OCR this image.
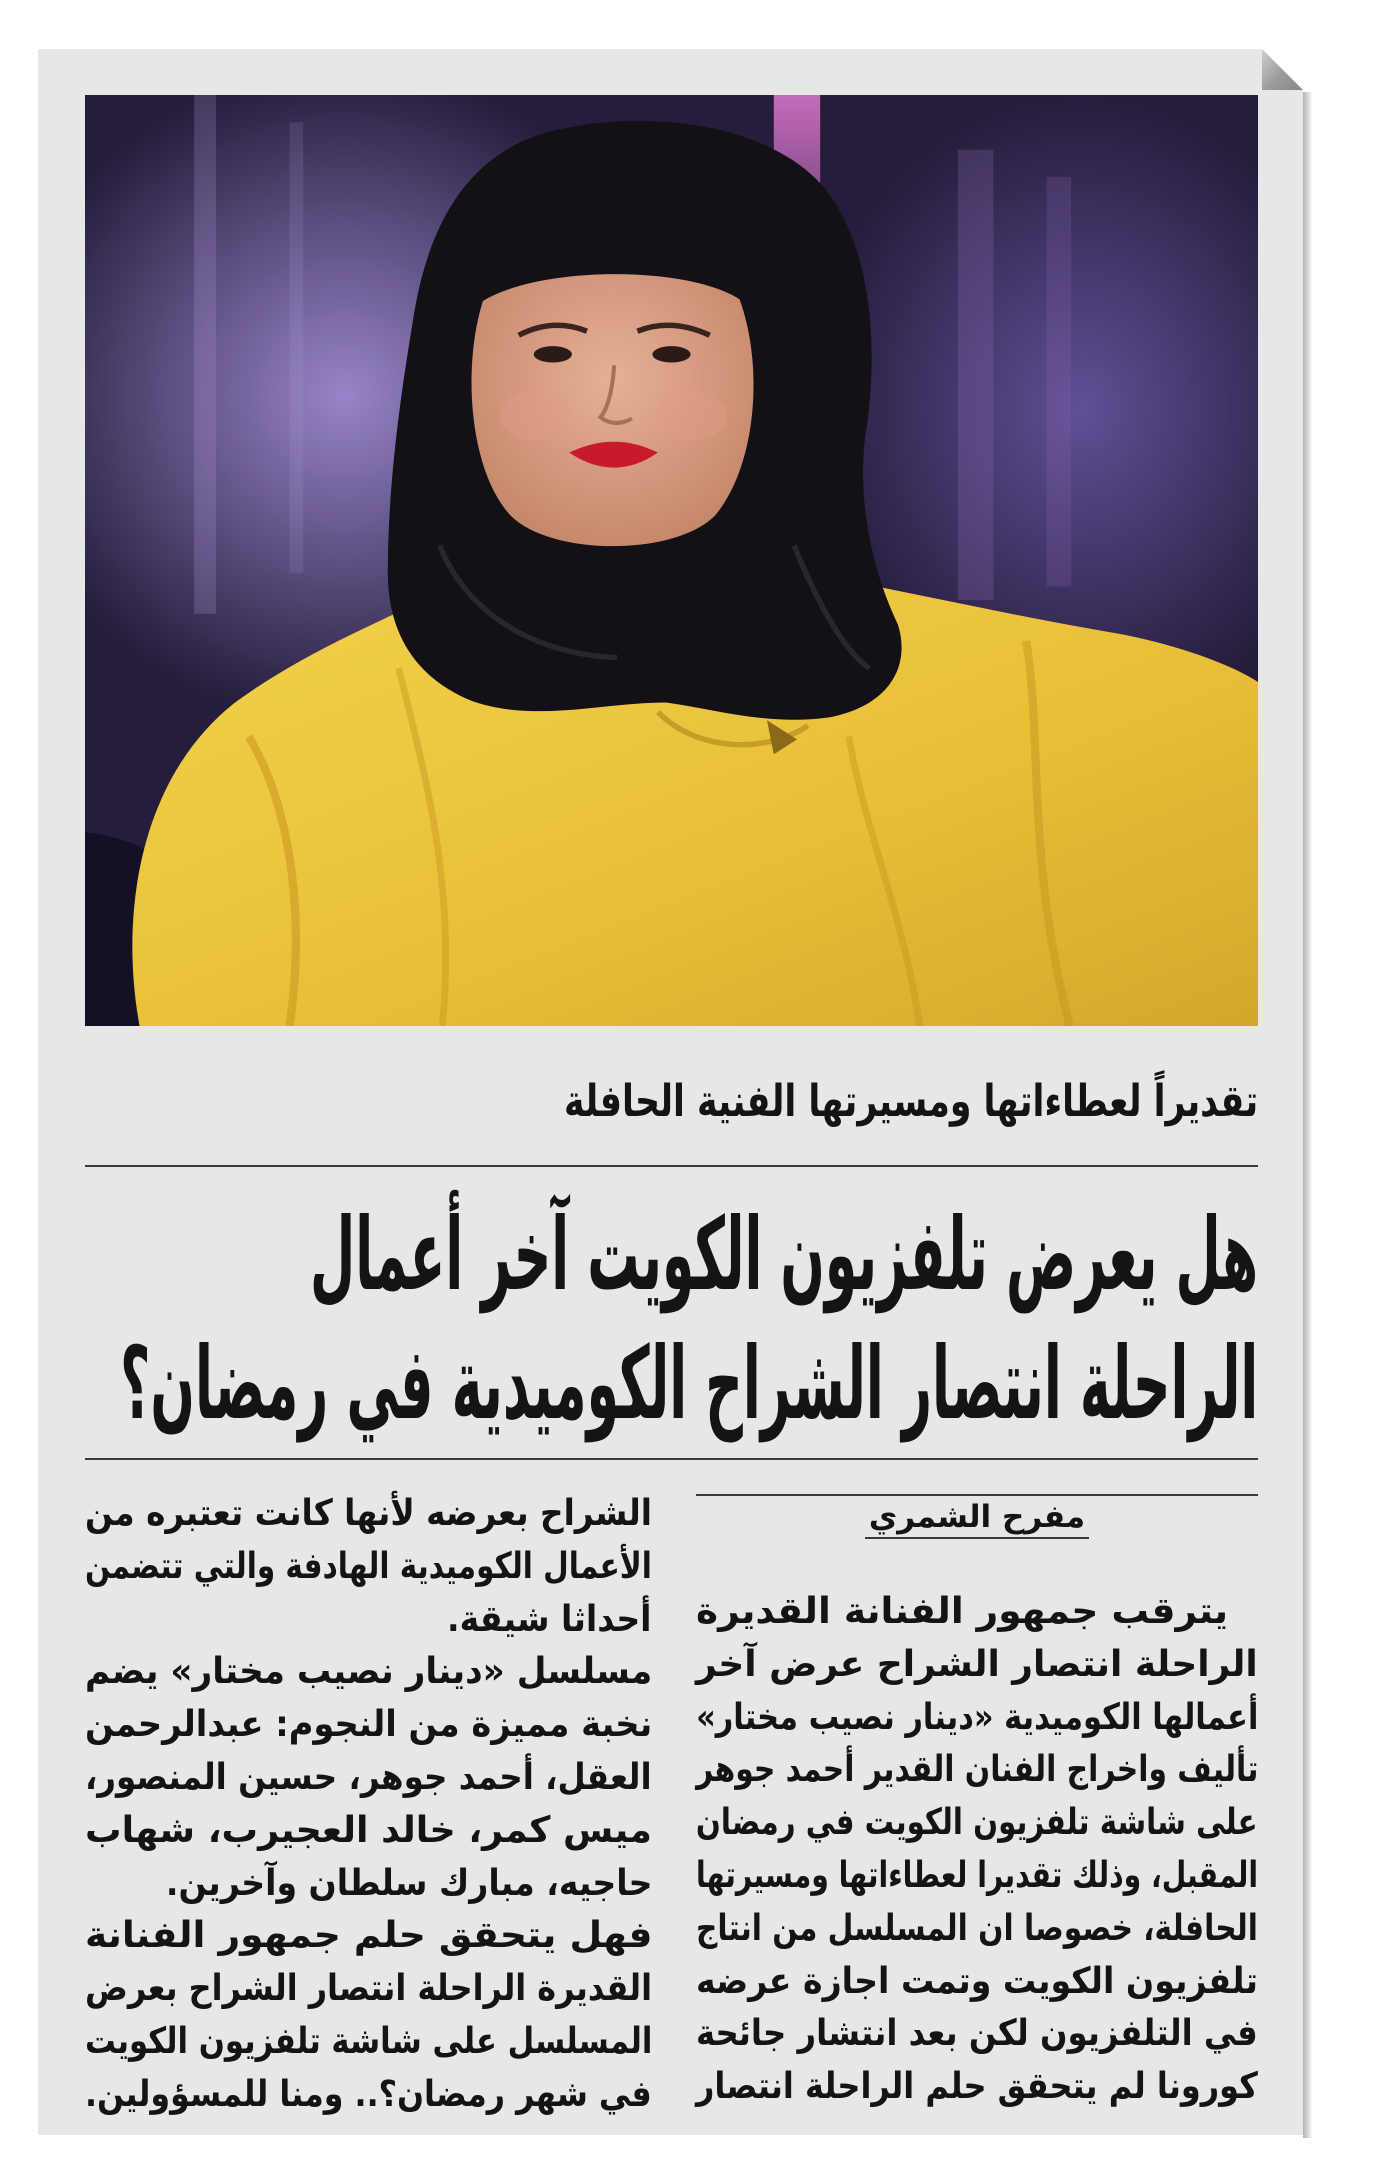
تقديراً لعطاءاتها ومسيرتها الفنية الحافلة
هل يعرض تلفزيون الكويت آخر أعمال
الراحلة انتصار الشراح الكوميدية في رمضان؟
مفرح الشمري
يترقب جمهور الفنانة القديرة
الراحلة انتصار الشراح عرض آخر
أعمالها الكوميدية «دينار نصيب مختار»
تأليف واخراج الفنان القدير أحمد جوهر
على شاشة تلفزيون الكويت في رمضان
المقبل، وذلك تقديرا لعطاءاتها ومسيرتها
الحافلة، خصوصا ان المسلسل من انتاج
تلفزيون الكويت وتمت اجازة عرضه
في التلفزيون لكن بعد انتشار جائحة
كورونا لم يتحقق حلم الراحلة انتصار
الشراح بعرضه لأنها كانت تعتبره من
الأعمال الكوميدية الهادفة والتي تتضمن
أحداثا شيقة.
مسلسل «دينار نصيب مختار» يضم
نخبة مميزة من النجوم: عبدالرحمن
العقل، أحمد جوهر، حسين المنصور،
ميس كمر، خالد العجيرب، شهاب
حاجيه، مبارك سلطان وآخرين.
فهل يتحقق حلم جمهور الفنانة
القديرة الراحلة انتصار الشراح بعرض
المسلسل على شاشة تلفزيون الكويت
في شهر رمضان؟.. ومنا للمسؤولين.
